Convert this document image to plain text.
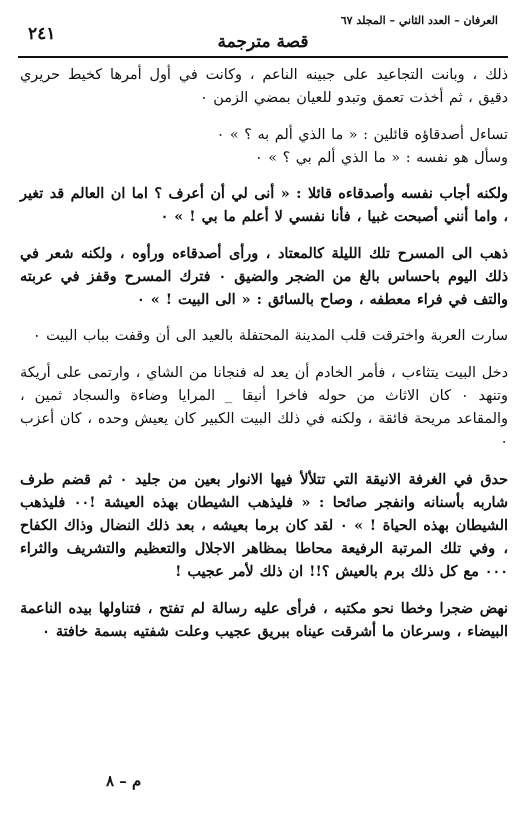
العرفان – العدد الثاني – المجلد ٦٧
قصة مترجمة
٢٤١

ذلك ، وبانت التجاعيد على جبينه الناعم ، وكانت في أول أمرها كخيط حريري دقيق ، ثم أخذت تعمق وتبدو للعيان بمضي الزمن ٠

تساءل أصدقاؤه قائلين : « ما الذي ألم به ؟ » ٠
وسأل هو نفسه : « ما الذي ألم بي ؟ » ٠

ولكنه أجاب نفسه وأصدقاءه قائلا : « أنى لي أن أعرف ؟ اما ان العالم قد تغير ، واما أنني أصبحت غبيا ، فأنا نفسي لا أعلم ما بي ! » ٠

ذهب الى المسرح تلك الليلة كالمعتاد ، ورأى أصدقاءه ورأوه ، ولكنه شعر في ذلك اليوم باحساس بالغ من الضجر والضيق ٠ فترك المسرح وقفز في عربته والتف في فراء معطفه ، وصاح بالسائق : « الى البيت ! » ٠

سارت العربة واخترقت قلب المدينة المحتفلة بالعيد الى أن وقفت بباب البيت ٠

دخل البيت يتثاءب ، فأمر الخادم أن يعد له فنجانا من الشاي ، وارتمى على أريكة وتنهد ٠ كان الاثاث من حوله فاخرا أنيقا _ المرايا وضاءة والسجاد ثمين ، والمقاعد مريحة فائقة ، ولكنه في ذلك البيت الكبير كان يعيش وحده ، كان أعزب ٠

حدق في الغرفة الانيقة التي تتلألأ فيها الانوار بعين من جليد ٠ ثم قضم طرف شاربه بأسنانه وانفجر صائحا : « فليذهب الشيطان بهذه العيشة !٠٠ فليذهب الشيطان بهذه الحياة ! » ٠ لقد كان برما بعيشه ، بعد ذلك النضال وذاك الكفاح ، وفي تلك المرتبة الرفيعة محاطا بمظاهر الاجلال والتعظيم والتشريف والثراء ٠٠٠ مع كل ذلك برم بالعيش ؟!! ان ذلك لأمر عجيب !

نهض ضجرا وخطا نحو مكتبه ، فرأى عليه رسالة لم تفتح ، فتناولها بيده الناعمة البيضاء ، وسرعان ما أشرقت عيناه ببريق عجيب وعلت شفتيه بسمة خافتة ٠

م – ٨
